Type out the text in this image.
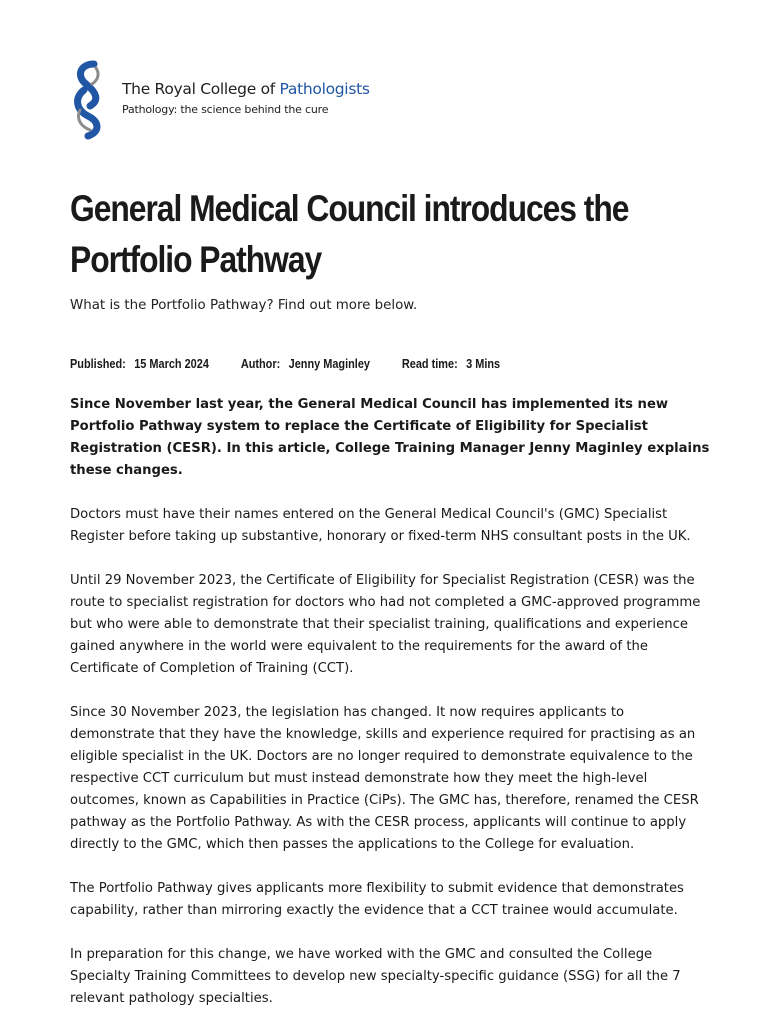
The Royal College of Pathologists
Pathology: the science behind the cure
General Medical Council introduces the Portfolio Pathway
What is the Portfolio Pathway? Find out more below.
Published: 15 March 2024 Author: Jenny Maginley Read time: 3 Mins

Since November last year, the General Medical Council has implemented its new Portfolio Pathway system to replace the Certificate of Eligibility for Specialist Registration (CESR). In this article, College Training Manager Jenny Maginley explains these changes.

Doctors must have their names entered on the General Medical Council's (GMC) Specialist Register before taking up substantive, honorary or fixed-term NHS consultant posts in the UK.

Until 29 November 2023, the Certificate of Eligibility for Specialist Registration (CESR) was the route to specialist registration for doctors who had not completed a GMC-approved programme but who were able to demonstrate that their specialist training, qualifications and experience gained anywhere in the world were equivalent to the requirements for the award of the Certificate of Completion of Training (CCT).

Since 30 November 2023, the legislation has changed. It now requires applicants to demonstrate that they have the knowledge, skills and experience required for practising as an eligible specialist in the UK. Doctors are no longer required to demonstrate equivalence to the respective CCT curriculum but must instead demonstrate how they meet the high-level outcomes, known as Capabilities in Practice (CiPs). The GMC has, therefore, renamed the CESR pathway as the Portfolio Pathway. As with the CESR process, applicants will continue to apply directly to the GMC, which then passes the applications to the College for evaluation.

The Portfolio Pathway gives applicants more flexibility to submit evidence that demonstrates capability, rather than mirroring exactly the evidence that a CCT trainee would accumulate.

In preparation for this change, we have worked with the GMC and consulted the College Specialty Training Committees to develop new specialty-specific guidance (SSG) for all the 7 relevant pathology specialties.
